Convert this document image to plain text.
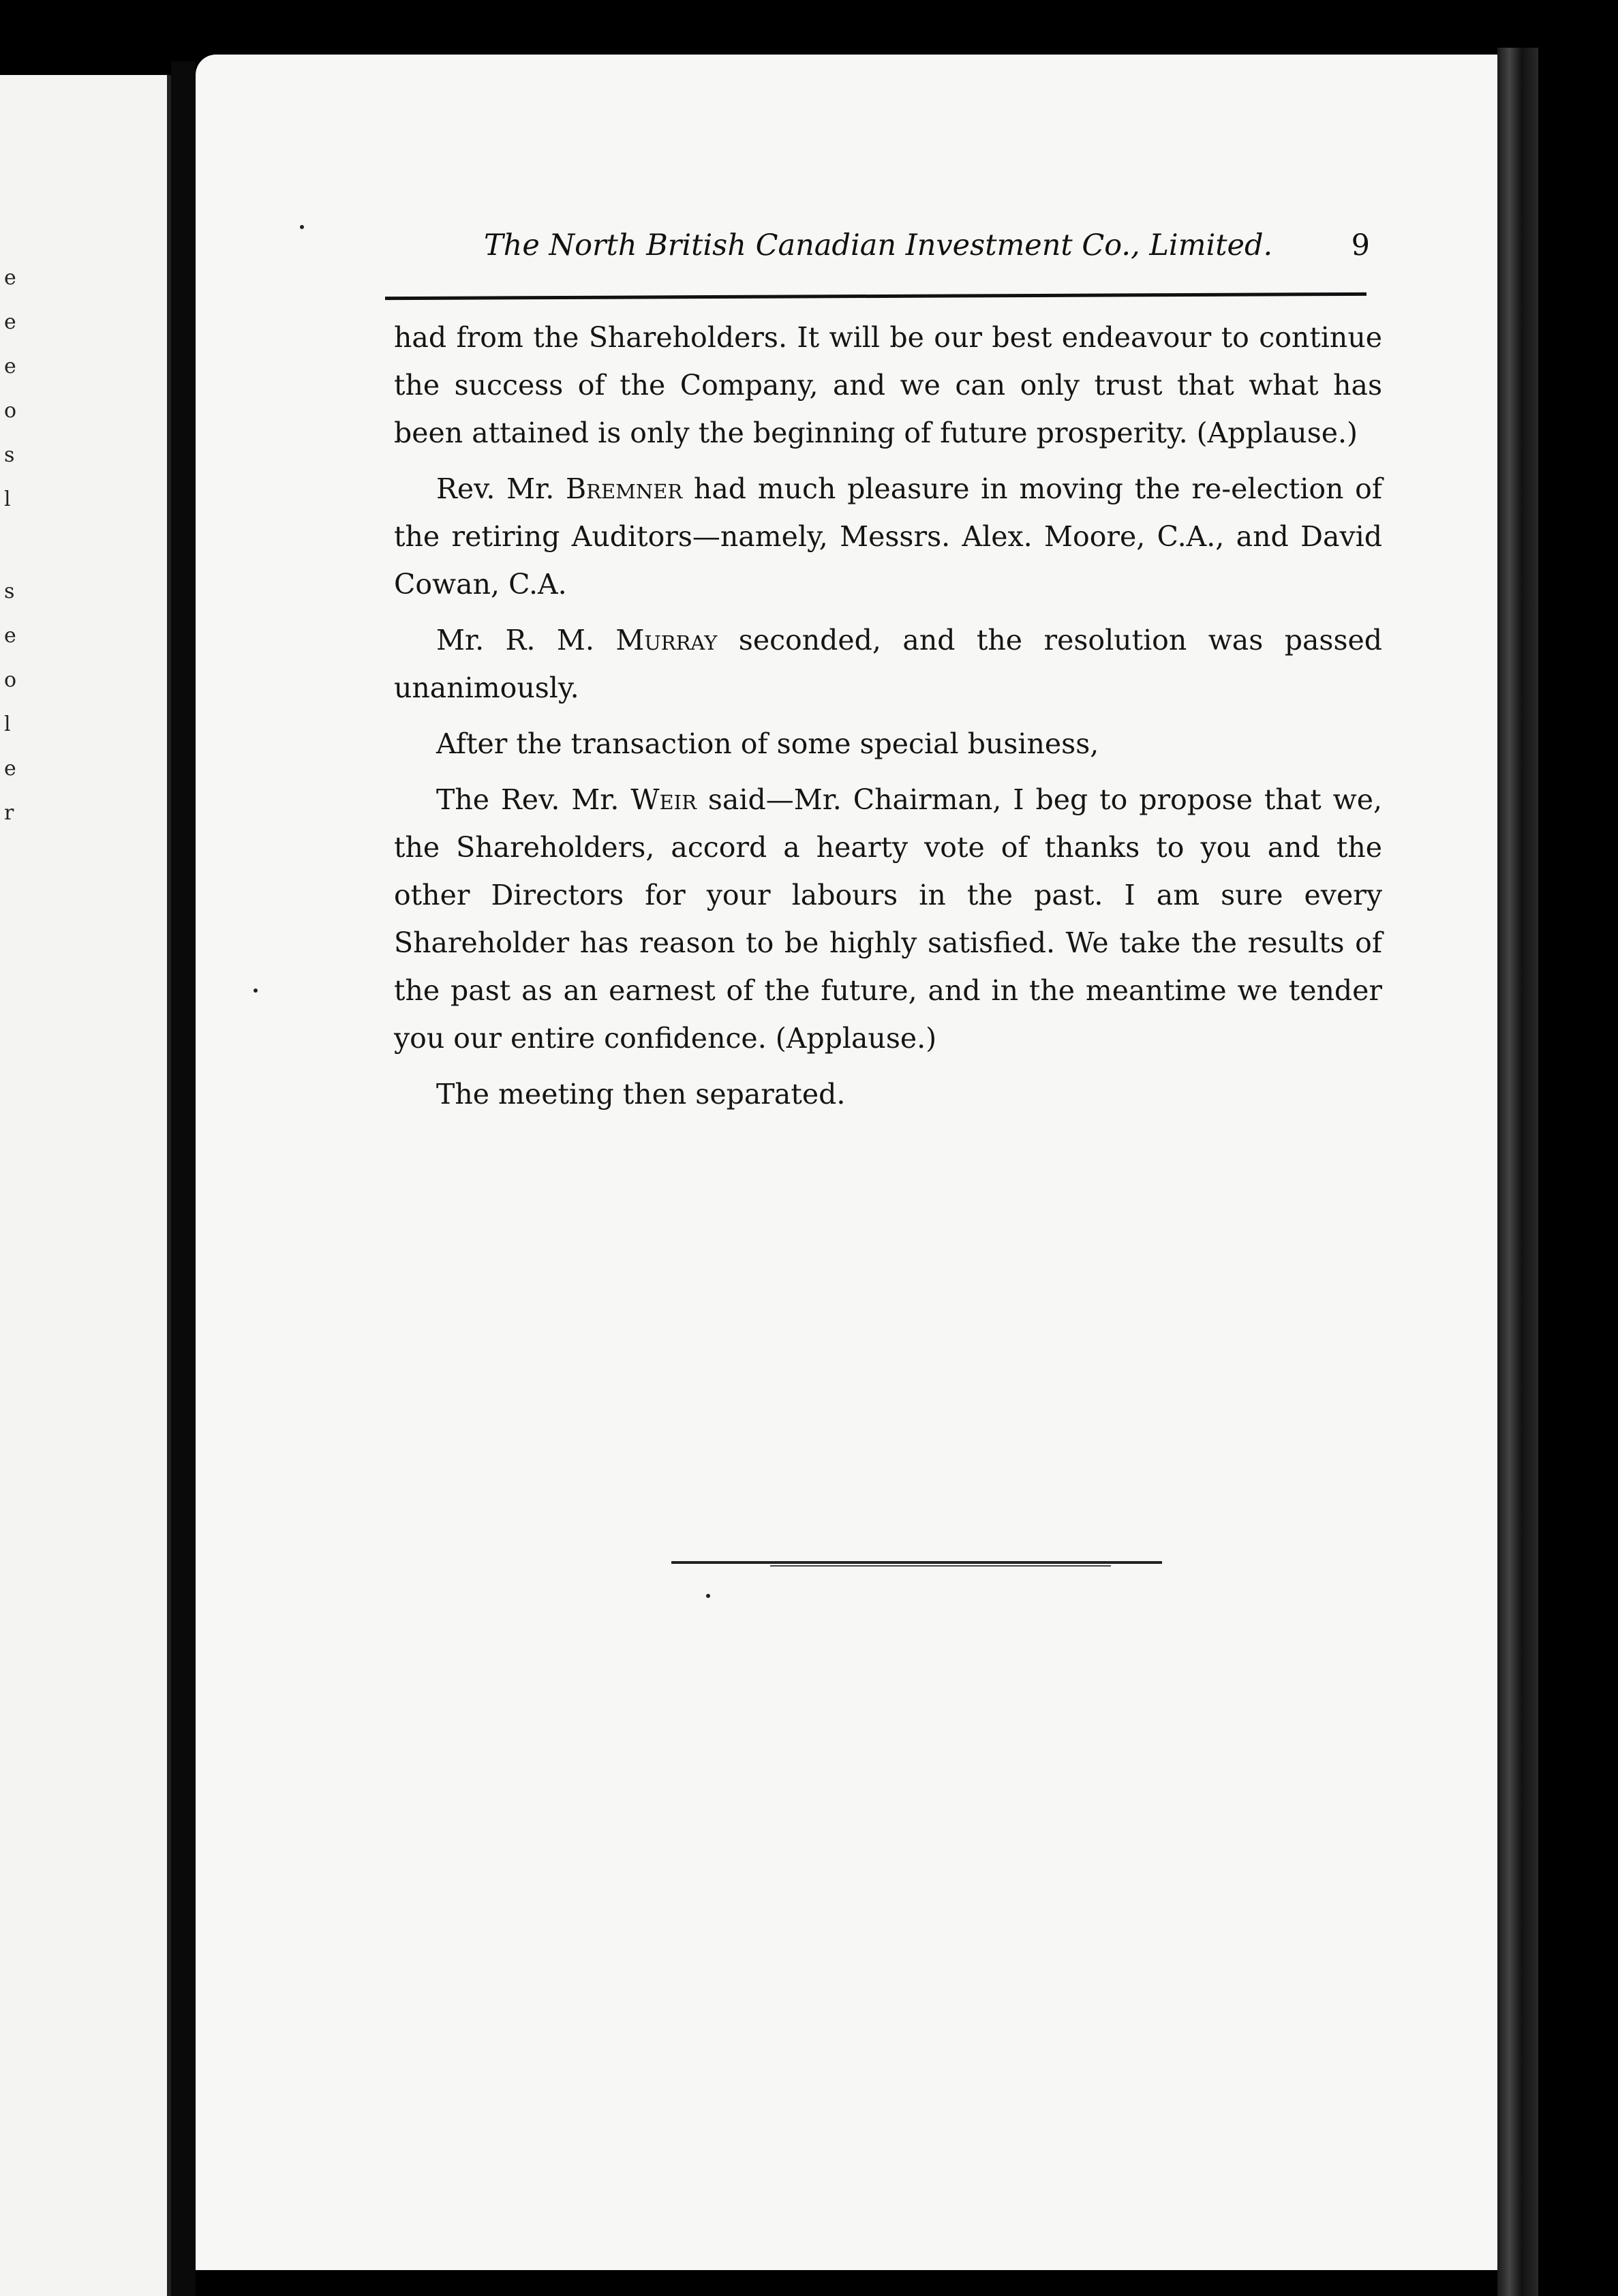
e
e
e
o
s
l
s
e
o
l
e
r
The North British Canadian Investment Co., Limited.	9

had from the Shareholders. It will be our best endeavour to continue the success of the Company, and we can only trust that what has been attained is only the beginning of future prosperity. (Applause.)

Rev. Mr. Bremner had much pleasure in moving the re-election of the retiring Auditors—namely, Messrs. Alex. Moore, C.A., and David Cowan, C.A.

Mr. R. M. Murray seconded, and the resolution was passed unanimously.

After the transaction of some special business,

The Rev. Mr. Weir said—Mr. Chairman, I beg to propose that we, the Shareholders, accord a hearty vote of thanks to you and the other Directors for your labours in the past. I am sure every Shareholder has reason to be highly satisfied. We take the results of the past as an earnest of the future, and in the meantime we tender you our entire confidence. (Applause.)

The meeting then separated.
